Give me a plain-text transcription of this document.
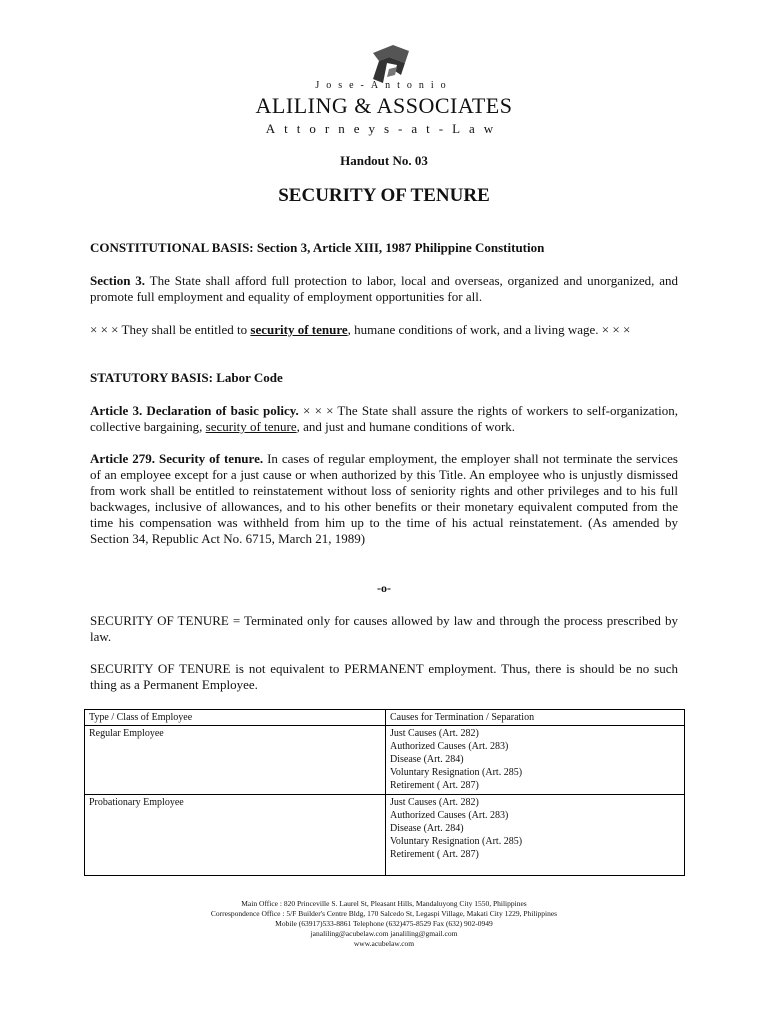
Jose-Antonio
ALILING & ASSOCIATES
Attorneys-at-Law
Handout No. 03
SECURITY OF TENURE
CONSTITUTIONAL BASIS: Section 3, Article XIII, 1987 Philippine Constitution
Section 3. The State shall afford full protection to labor, local and overseas, organized and unorganized, and promote full employment and equality of employment opportunities for all.
× × × They shall be entitled to security of tenure, humane conditions of work, and a living wage. × × ×
STATUTORY BASIS: Labor Code
Article 3. Declaration of basic policy. × × × The State shall assure the rights of workers to self-organization, collective bargaining, security of tenure, and just and humane conditions of work.
Article 279. Security of tenure. In cases of regular employment, the employer shall not terminate the services of an employee except for a just cause or when authorized by this Title. An employee who is unjustly dismissed from work shall be entitled to reinstatement without loss of seniority rights and other privileges and to his full backwages, inclusive of allowances, and to his other benefits or their monetary equivalent computed from the time his compensation was withheld from him up to the time of his actual reinstatement. (As amended by Section 34, Republic Act No. 6715, March 21, 1989)
-o-
SECURITY OF TENURE = Terminated only for causes allowed by law and through the process prescribed by law.
SECURITY OF TENURE is not equivalent to PERMANENT employment. Thus, there is should be no such thing as a Permanent Employee.
Type / Class of Employee	Causes for Termination / Separation
Regular Employee	Just Causes (Art. 282)
Authorized Causes (Art. 283)
Disease (Art. 284)
Voluntary Resignation (Art. 285)
Retirement ( Art. 287)

Probationary Employee	Just Causes (Art. 282)
Authorized Causes (Art. 283)
Disease (Art. 284)
Voluntary Resignation (Art. 285)
Retirement ( Art. 287)
Main Office : 820 Princeville S. Laurel St, Pleasant Hills, Mandaluyong City 1550, Philippines
Correspondence Office : 5/F Builder's Centre Bldg, 170 Salcedo St, Legaspi Village, Makati City 1229, Philippines
Mobile (63917)533-8861 Telephone (632)475-8529 Fax (632) 902-0949
janaliling@acubelaw.com janaliling@gmail.com
www.acubelaw.com
